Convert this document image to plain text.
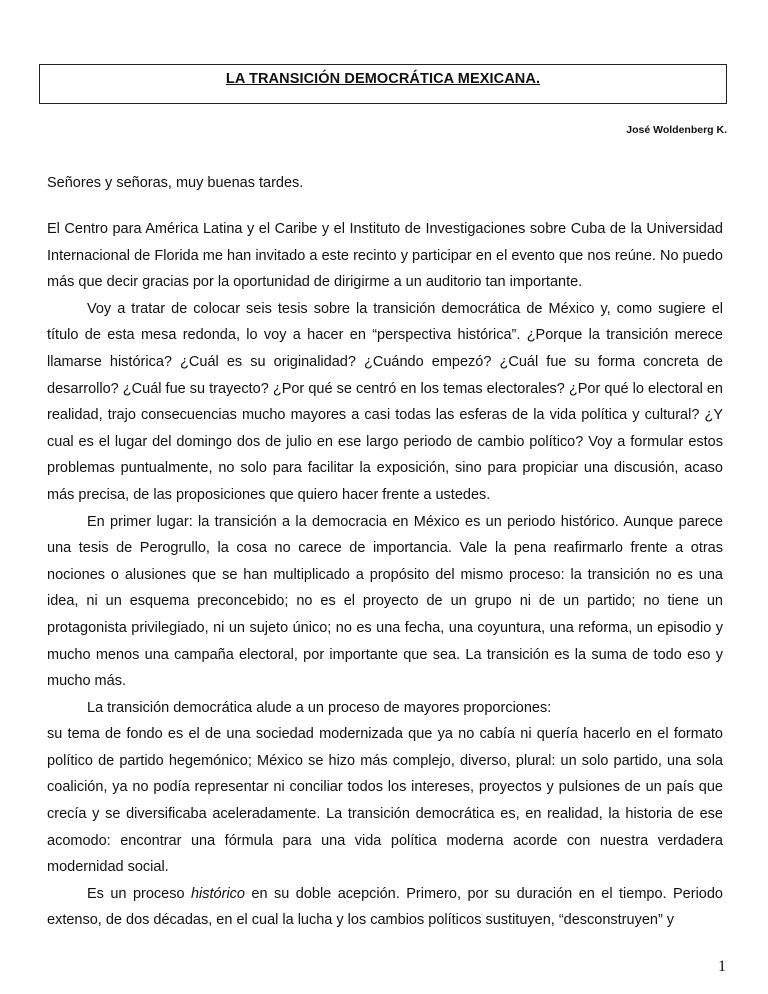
LA TRANSICIÓN DEMOCRÁTICA MEXICANA.
José Woldenberg K.

Señores y señoras, muy buenas tardes.

El Centro para América Latina y el Caribe y el Instituto de Investigaciones sobre Cuba de la Universidad Internacional de Florida me han invitado a este recinto y participar en el evento que nos reúne. No puedo más que decir gracias por la oportunidad de dirigirme a un auditorio tan importante.

Voy a tratar de colocar seis tesis sobre la transición democrática de México y, como sugiere el título de esta mesa redonda, lo voy a hacer en “perspectiva histórica”. ¿Porque la transición merece llamarse histórica? ¿Cuál es su originalidad? ¿Cuándo empezó? ¿Cuál fue su forma concreta de desarrollo? ¿Cuál fue su trayecto? ¿Por qué se centró en los temas electorales? ¿Por qué lo electoral en realidad, trajo consecuencias mucho mayores a casi todas las esferas de la vida política y cultural? ¿Y cual es el lugar del domingo dos de julio en ese largo periodo de cambio político? Voy a formular estos problemas puntualmente, no solo para facilitar la exposición, sino para propiciar una discusión, acaso más precisa, de las proposiciones que quiero hacer frente a ustedes.

En primer lugar: la transición a la democracia en México es un periodo histórico. Aunque parece una tesis de Perogrullo, la cosa no carece de importancia. Vale la pena reafirmarlo frente a otras nociones o alusiones que se han multiplicado a propósito del mismo proceso: la transición no es una idea, ni un esquema preconcebido; no es el proyecto de un grupo ni de un partido; no tiene un protagonista privilegiado, ni un sujeto único; no es una fecha, una coyuntura, una reforma, un episodio y mucho menos una campaña electoral, por importante que sea. La transición es la suma de todo eso y mucho más.

La transición democrática alude a un proceso de mayores proporciones:

su tema de fondo es el de una sociedad modernizada que ya no cabía ni quería hacerlo en el formato político de partido hegemónico; México se hizo más complejo, diverso, plural: un solo partido, una sola coalición, ya no podía representar ni conciliar todos los intereses, proyectos y pulsiones de un país que crecía y se diversificaba aceleradamente. La transición democrática es, en realidad, la historia de ese acomodo: encontrar una fórmula para una vida política moderna acorde con nuestra verdadera modernidad social.

Es un proceso histórico en su doble acepción. Primero, por su duración en el tiempo. Periodo extenso, de dos décadas, en el cual la lucha y los cambios políticos sustituyen, “desconstruyen” y

1
